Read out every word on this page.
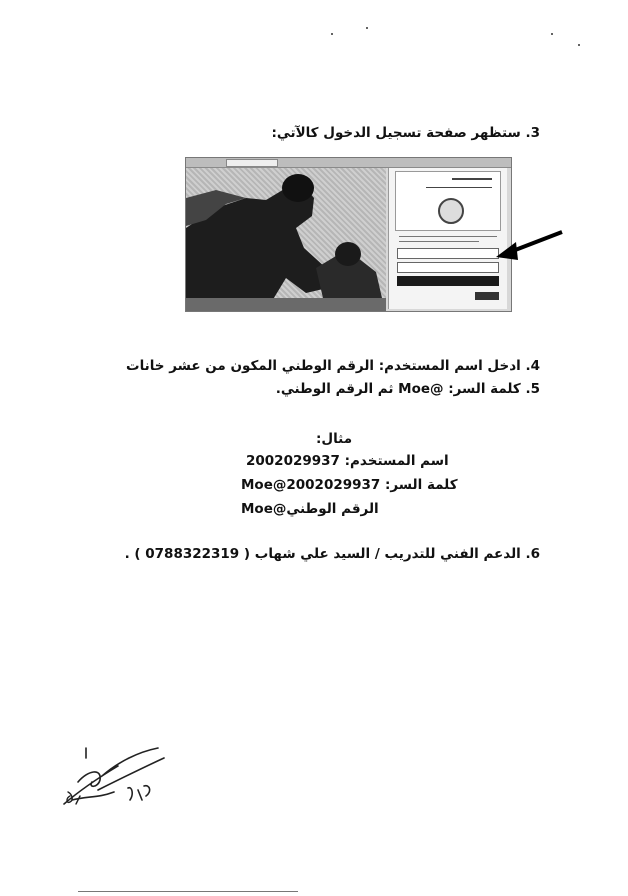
3. ستظهر صفحة تسجيل الدخول كالآتي:
4. ادخل اسم المستخدم: الرقم الوطني المكون من عشر خانات
5. كلمة السر: @Moe ثم الرقم الوطني.
مثال:
اسم المستخدم: 2002029937
كلمة السر: Moe@2002029937
الرقم الوطني@Moe
6. الدعم الفني للتدريب / السيد علي شهاب ( 0788322319 ) .
